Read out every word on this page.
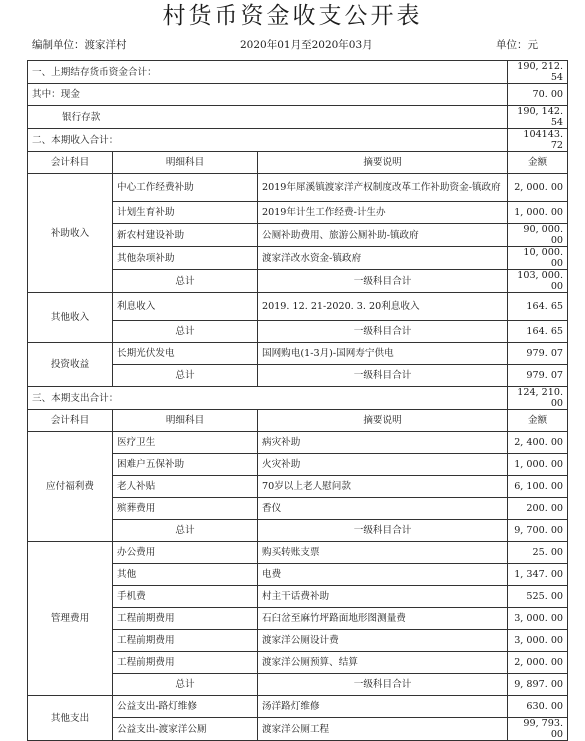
村货币资金收支公开表
编制单位：渡家洋村	2020年01月至2020年03月	单位：元
一、上期结存货币资金合计：			190, 212. 54
其中：现金			70. 00
银行存款			190, 142. 54
二、本期收入合计：			104143. 72
会计科目	明细科目	摘要说明	金额
补助收入	中心工作经费补助	2019年犀溪镇渡家洋产权制度改革工作补助资金-镇政府	2, 000. 00
	计划生育补助	2019年计生工作经费-计生办	1, 000. 00
	新农村建设补助	公厕补助费用、旅游公厕补助-镇政府	90, 000. 00
	其他杂项补助	渡家洋改水资金-镇政府	10, 000. 00
	总计	一级科目合计	103, 000. 00
其他收入	利息收入	2019. 12. 21-2020. 3. 20利息收入	164. 65
	总计	一级科目合计	164. 65
投资收益	长期光伏发电	国网购电(1-3月)-国网寿宁供电	979. 07
	总计	一级科目合计	979. 07
三、本期支出合计：			124, 210. 00
会计科目	明细科目	摘要说明	金额
应付福利费	医疗卫生	病灾补助	2, 400. 00
	困难户五保补助	火灾补助	1, 000. 00
	老人补贴	70岁以上老人慰问款	6, 100. 00
	殡葬费用	香仪	200. 00
	总计	一级科目合计	9, 700. 00
管理费用	办公费用	购买转账支票	25. 00
	其他	电费	1, 347. 00
	手机费	村主干话费补助	525. 00
	工程前期费用	石臼岔至麻竹坪路面地形图测量费	3, 000. 00
	工程前期费用	渡家洋公厕设计费	3, 000. 00
	工程前期费用	渡家洋公厕预算、结算	2, 000. 00
	总计	一级科目合计	9, 897. 00
其他支出	公益支出-路灯维修	汤洋路灯维修	630. 00
	公益支出-渡家洋公厕	渡家洋公厕工程	99, 793. 00
